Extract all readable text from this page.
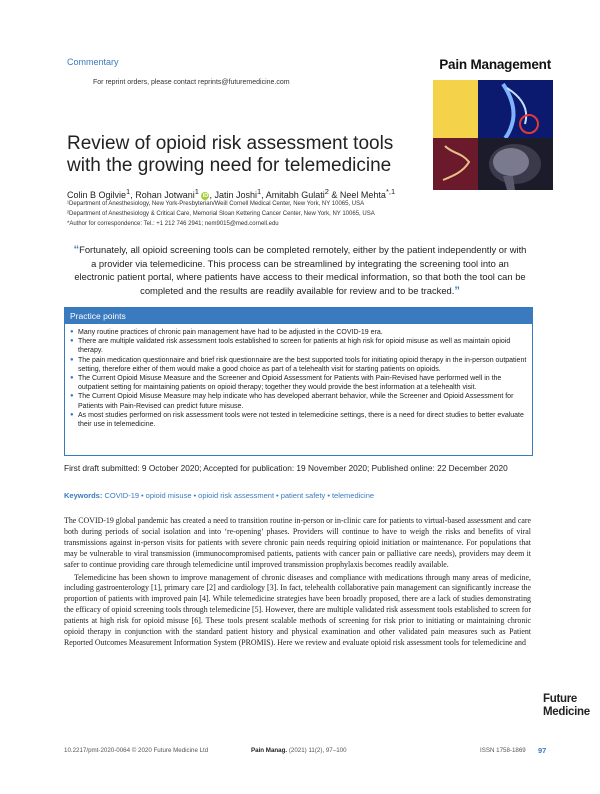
Commentary
For reprint orders, please contact reprints@futuremedicine.com
Pain Management
Review of opioid risk assessment tools with the growing need for telemedicine
Colin B Ogilvie$^1$, Rohan Jotwani$^1$ iD, Jatin Joshi$^1$, Amitabh Gulati$^2$ & Neel Mehta$^{*,1}$
¹Department of Anesthesiology, New York-Presbyterian/Weill Cornell Medical Center, New York, NY 10065, USA
²Department of Anesthesiology & Critical Care, Memorial Sloan Kettering Cancer Center, New York, NY 10065, USA
*Author for correspondence: Tel.: +1 212 746 2941; nem9015@med.cornell.edu
“Fortunately, all opioid screening tools can be completed remotely, either by the patient independently or with a provider via telemedicine. This process can be streamlined by integrating the screening tool into an electronic patient portal, where patients have access to their medical information, so that both the tool can be completed and the results are readily available for review and to be tracked.”
Practice points
● Many routine practices of chronic pain management have had to be adjusted in the COVID-19 era.
● There are multiple validated risk assessment tools established to screen for patients at high risk for opioid misuse as well as maintain opioid therapy.
● The pain medication questionnaire and brief risk questionnaire are the best supported tools for initiating opioid therapy in the in-person outpatient setting, therefore either of them would make a good choice as part of a telehealth visit for starting patients on opioids.
● The Current Opioid Misuse Measure and the Screener and Opioid Assessment for Patients with Pain-Revised have performed well in the outpatient setting for maintaining patients on opioid therapy; together they would provide the best information at a telehealth visit.
● The Current Opioid Misuse Measure may help indicate who has developed aberrant behavior, while the Screener and Opioid Assessment for Patients with Pain-Revised can predict future misuse.
● As most studies performed on risk assessment tools were not tested in telemedicine settings, there is a need for direct studies to better evaluate their use in telemedicine.
First draft submitted: 9 October 2020; Accepted for publication: 19 November 2020; Published online: 22 December 2020
Keywords: COVID-19 • opioid misuse • opioid risk assessment • patient safety • telemedicine

The COVID-19 global pandemic has created a need to transition routine in-person or in-clinic care for patients to virtual-based assessment and care both during periods of social isolation and into ‘re-opening’ phases. Providers will continue to have to weigh the risks and benefits of viral transmissions against in-person visits for patients with severe chronic pain needs requiring opioid initiation or maintenance. For populations that may be vulnerable to viral transmission (immunocompromised patients, patients with cancer pain or palliative care needs), providers may deem it safer to continue providing care through telemedicine until improved transmission prophylaxis becomes readily available.

Telemedicine has been shown to improve management of chronic diseases and compliance with medications through many areas of medicine, including gastroenterology [1], primary care [2] and cardiology [3]. In fact, telehealth collaborative pain management can significantly increase the proportion of patients with improved pain [4]. While telemedicine strategies have been broadly proposed, there are a lack of studies demonstrating the efficacy of opioid screening tools through telemedicine [5]. However, there are multiple validated risk assessment tools established to screen for patients at high risk for opioid misuse [6]. These tools present scalable methods of screening for risk prior to initiating or maintaining chronic opioid therapy in conjunction with the standard patient history and physical examination and other validated pain measures such as Patient Reported Outcomes Measurement Information System (PROMIS). Here we review and evaluate opioid risk assessment tools for telemedicine and

Future
Medicine
10.2217/pmt-2020-0064 © 2020 Future Medicine Ltd	Pain Manag. (2021) 11(2), 97–100	ISSN 1758-1869 97
